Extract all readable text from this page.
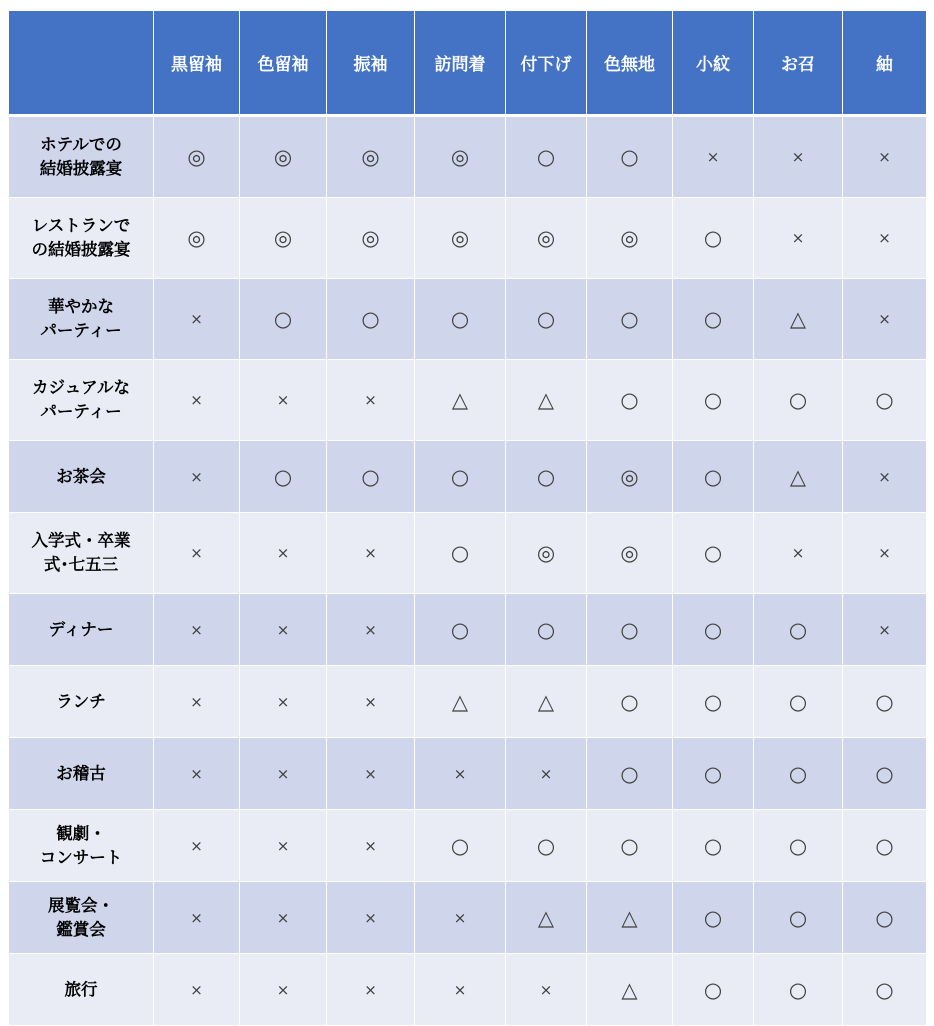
	黒留袖	色留袖	振袖	訪問着	付下げ	色無地	小紋	お召	紬
ホテルでの
結婚披露宴	◎	◎	◎	◎	○	○	×	×	×
レストランで
の結婚披露宴	◎	◎	◎	◎	◎	◎	○	×	×
華やかな
パーティー	×	○	○	○	○	○	○	△	×
カジュアルな
パーティー	×	×	×	△	△	○	○	○	○
お茶会	×	○	○	○	○	◎	○	△	×
入学式・卒業
式･七五三	×	×	×	○	◎	◎	○	×	×
ディナー	×	×	×	○	○	○	○	○	×
ランチ	×	×	×	△	△	○	○	○	○
お稽古	×	×	×	×	×	○	○	○	○
観劇・
コンサート	×	×	×	○	○	○	○	○	○
展覧会・
鑑賞会	×	×	×	×	△	△	○	○	○
旅行	×	×	×	×	×	△	○	○	○
